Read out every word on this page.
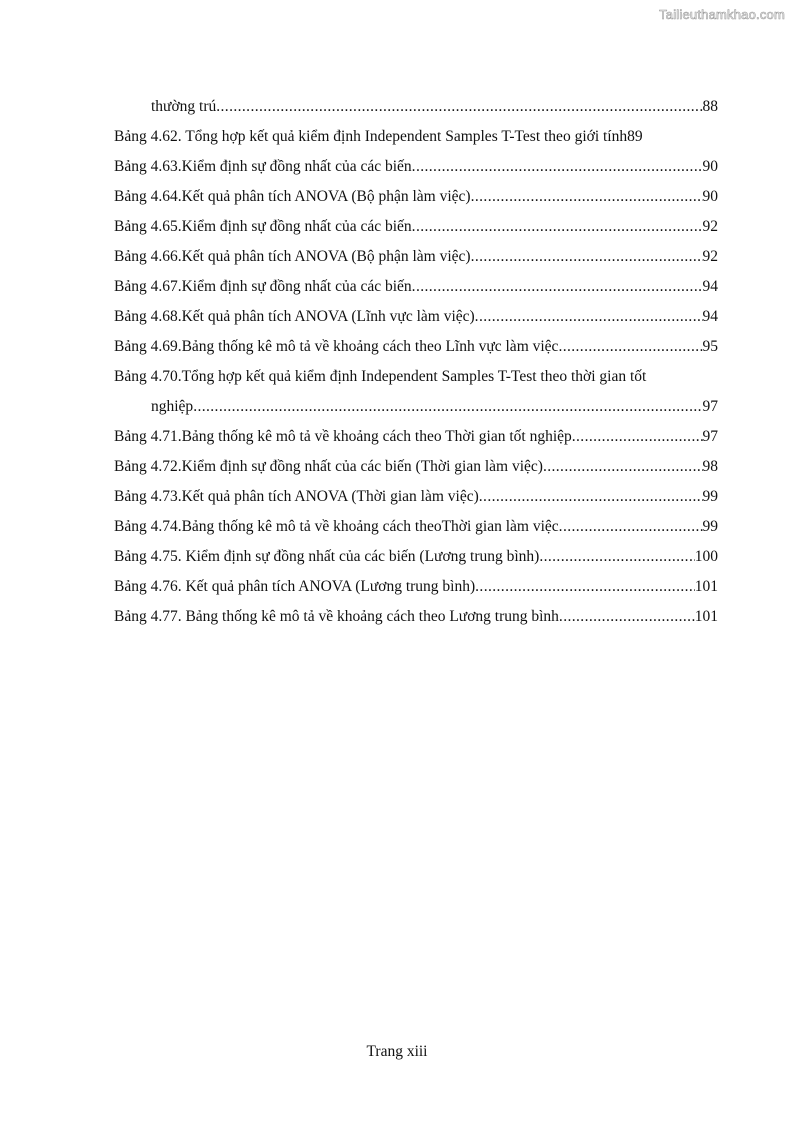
Tailieuthamkhao.com
thường trú .....	88
Bảng 4.62. Tổng hợp kết quả kiểm định Independent Samples T-Test theo giới tính 89
Bảng 4.63.Kiểm định sự đồng nhất của các biến .....	90
Bảng 4.64.Kết quả phân tích ANOVA (Bộ phận làm việc) .....	90
Bảng 4.65.Kiểm định sự đồng nhất của các biến .....	92
Bảng 4.66.Kết quả phân tích ANOVA (Bộ phận làm việc) .....	92
Bảng 4.67.Kiểm định sự đồng nhất của các biến .....	94
Bảng 4.68.Kết quả phân tích ANOVA (Lĩnh vực làm việc) .....	94
Bảng 4.69.Bảng thống kê mô tả về khoảng cách theo Lĩnh vực làm việc .....	95
Bảng 4.70.Tổng hợp kết quả kiểm định Independent Samples T-Test theo thời gian tốt
nghiệp .....	97
Bảng 4.71.Bảng thống kê mô tả về khoảng cách theo Thời gian tốt nghiệp .....	97
Bảng 4.72.Kiểm định sự đồng nhất của các biến (Thời gian làm việc) .....	98
Bảng 4.73.Kết quả phân tích ANOVA (Thời gian làm việc) .....	99
Bảng 4.74.Bảng thống kê mô tả về khoảng cách theoThời gian làm việc .....	99
Bảng 4.75. Kiểm định sự đồng nhất của các biến (Lương trung bình) .....	100
Bảng 4.76. Kết quả phân tích ANOVA (Lương trung bình) .....	101
Bảng 4.77. Bảng thống kê mô tả về khoảng cách theo Lương trung bình .....	101
Trang xiii
